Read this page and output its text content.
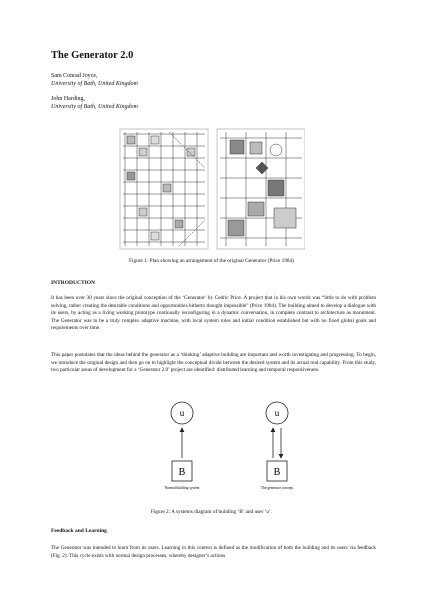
The Generator 2.0
Sam Conrad Joyce,
University of Bath, United Kingdom
John Harding,
University of Bath, United Kingdom
Figure 1: Plan showing an arrangement of the original Generator (Price 1984)
INTRODUCTION
It has been over 30 years since the original conception of the ‘Generator’ by Cedric Price. A project that in his own words was “little to do with problem solving, rather creating the desirable conditions and opportunities hitherto thought impossible” (Price 1984). The building aimed to develop a dialogue with its users, by acting as a living working prototype continually reconfiguring in a dynamic conversation, in complete contrast to architecture as monument. The Generator was to be a truly complex adaptive machine, with local system rules and initial condition established but with no fixed global goals and requirements over time.
This paper postulates that the ideas behind the generator as a ‘thinking’ adaptive building are important and worth investigating and progressing. To begin, we introduce the original design and then go on to highlight the conceptual divide between the desired system and its actual real capability. From this study, two particular areas of development for a ‘Generator 2.0’ project are identified: distributed learning and temporal responsiveness.
u
B
Normal building system
u
B
The generator concept
Figure 2: A systems diagram of building ‘B’ and user ‘u’.
Feedback and Learning
The Generator was intended to learn from its users. Learning in this context is defined as the modification of both the building and its users via feedback (Fig. 2). This cycle exists with normal design processes, whereby designer’s actions
